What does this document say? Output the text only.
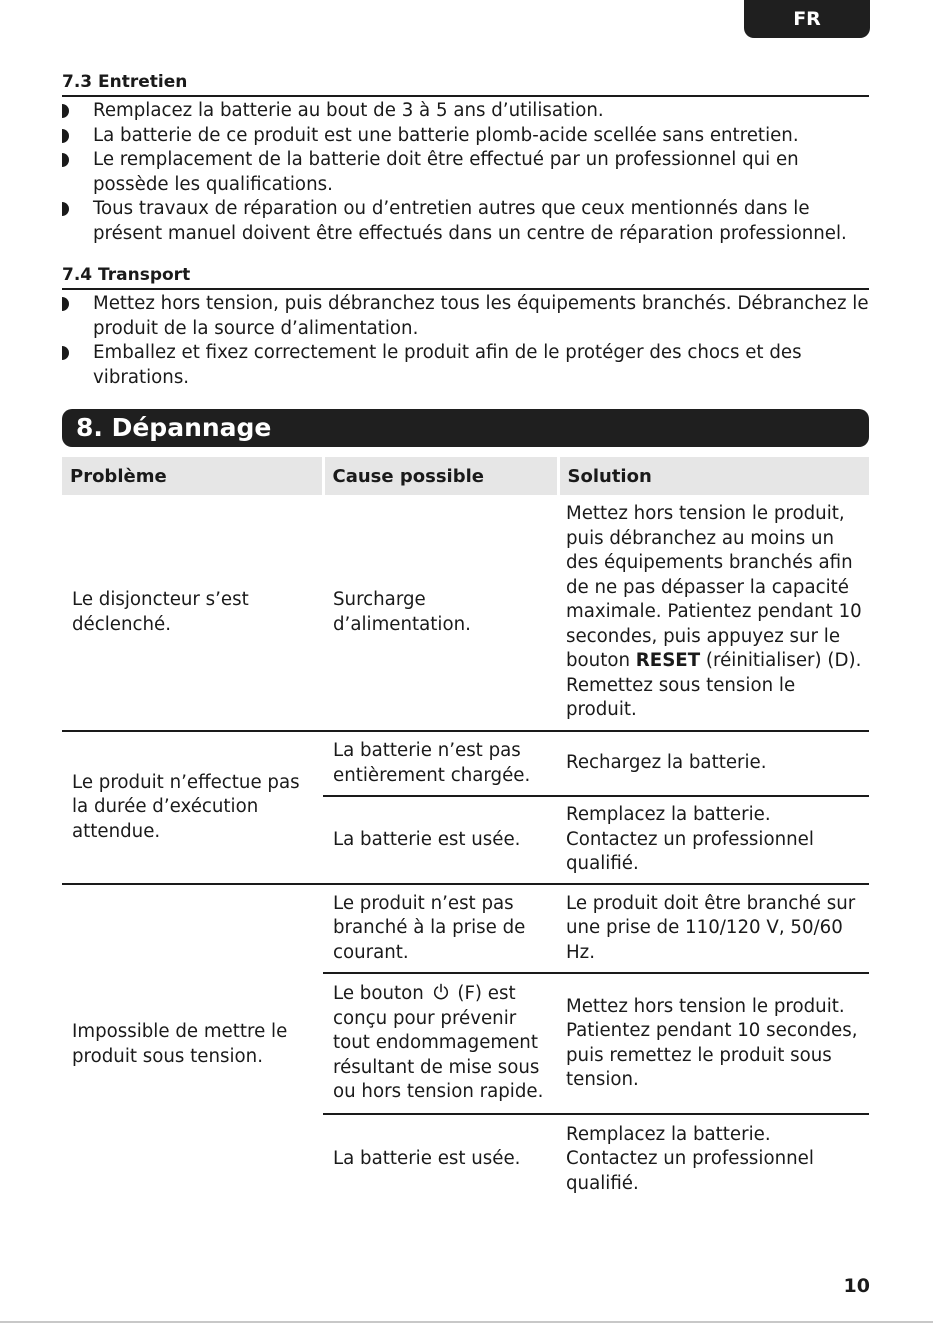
FR
7.3 Entretien
Remplacez la batterie au bout de 3 à 5 ans d’utilisation.
La batterie de ce produit est une batterie plomb-acide scellée sans entretien.
Le remplacement de la batterie doit être effectué par un professionnel qui en possède les qualifications.
Tous travaux de réparation ou d’entretien autres que ceux mentionnés dans le présent manuel doivent être effectués dans un centre de réparation professionnel.
7.4 Transport
Mettez hors tension, puis débranchez tous les équipements branchés. Débranchez le produit de la source d’alimentation.
Emballez et fixez correctement le produit afin de le protéger des chocs et des vibrations.
8. Dépannage
Problème	Cause possible	Solution
Le disjoncteur s’est déclenché.	Surcharge d’alimentation.	Mettez hors tension le produit, puis débranchez au moins un des équipements branchés afin de ne pas dépasser la capacité maximale. Patientez pendant 10 secondes, puis appuyez sur le bouton RESET (réinitialiser) (D). Remettez sous tension le produit.
Le produit n’effectue pas la durée d’exécution attendue.	La batterie n’est pas entièrement chargée.	Rechargez la batterie.
	La batterie est usée.	Remplacez la batterie. Contactez un professionnel qualifié.
Impossible de mettre le produit sous tension.	Le produit n’est pas branché à la prise de courant.	Le produit doit être branché sur une prise de 110/120 V, 50/60 Hz.
	Le bouton  (F) est conçu pour prévenir tout endommagement résultant de mise sous ou hors tension rapide.	Mettez hors tension le produit. Patientez pendant 10 secondes, puis remettez le produit sous tension.
	La batterie est usée.	Remplacez la batterie. Contactez un professionnel qualifié.
10
